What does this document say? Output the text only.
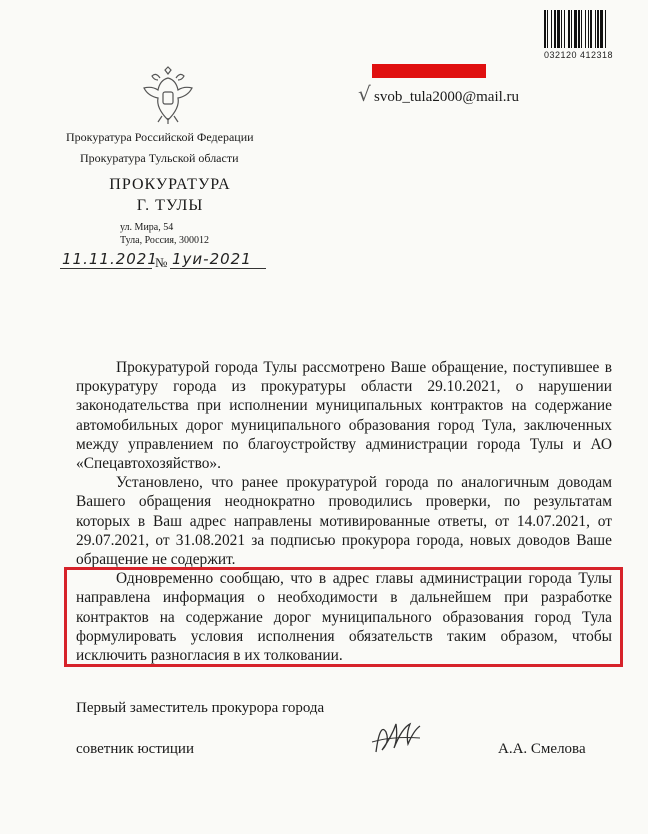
032120 412318
√ svob_tula2000@mail.ru
Прокуратура Российской Федерации
Прокуратура Тульской области
ПРОКУРАТУРА
Г. ТУЛЫ
ул. Мира, 54
Тула, Россия, 300012
11.11.2021
№ 1уи-2021

Прокуратурой города Тулы рассмотрено Ваше обращение, поступившее в прокуратуру города из прокуратуры области 29.10.2021, о нарушении законодательства при исполнении муниципальных контрактов на содержание автомобильных дорог муниципального образования город Тула, заключенных между управлением по благоустройству администрации города Тулы и АО «Спецавтохозяйство».

Установлено, что ранее прокуратурой города по аналогичным доводам Вашего обращения неоднократно проводились проверки, по результатам которых в Ваш адрес направлены мотивированные ответы, от 14.07.2021, от 29.07.2021, от 31.08.2021 за подписью прокурора города, новых доводов Ваше обращение не содержит.

Одновременно сообщаю, что в адрес главы администрации города Тулы направлена информация о необходимости в дальнейшем при разработке контрактов на содержание дорог муниципального образования город Тула формулировать условия исполнения обязательств таким образом, чтобы исключить разногласия в их толковании.

Первый заместитель прокурора города
советник юстиции	А.А. Смелова
